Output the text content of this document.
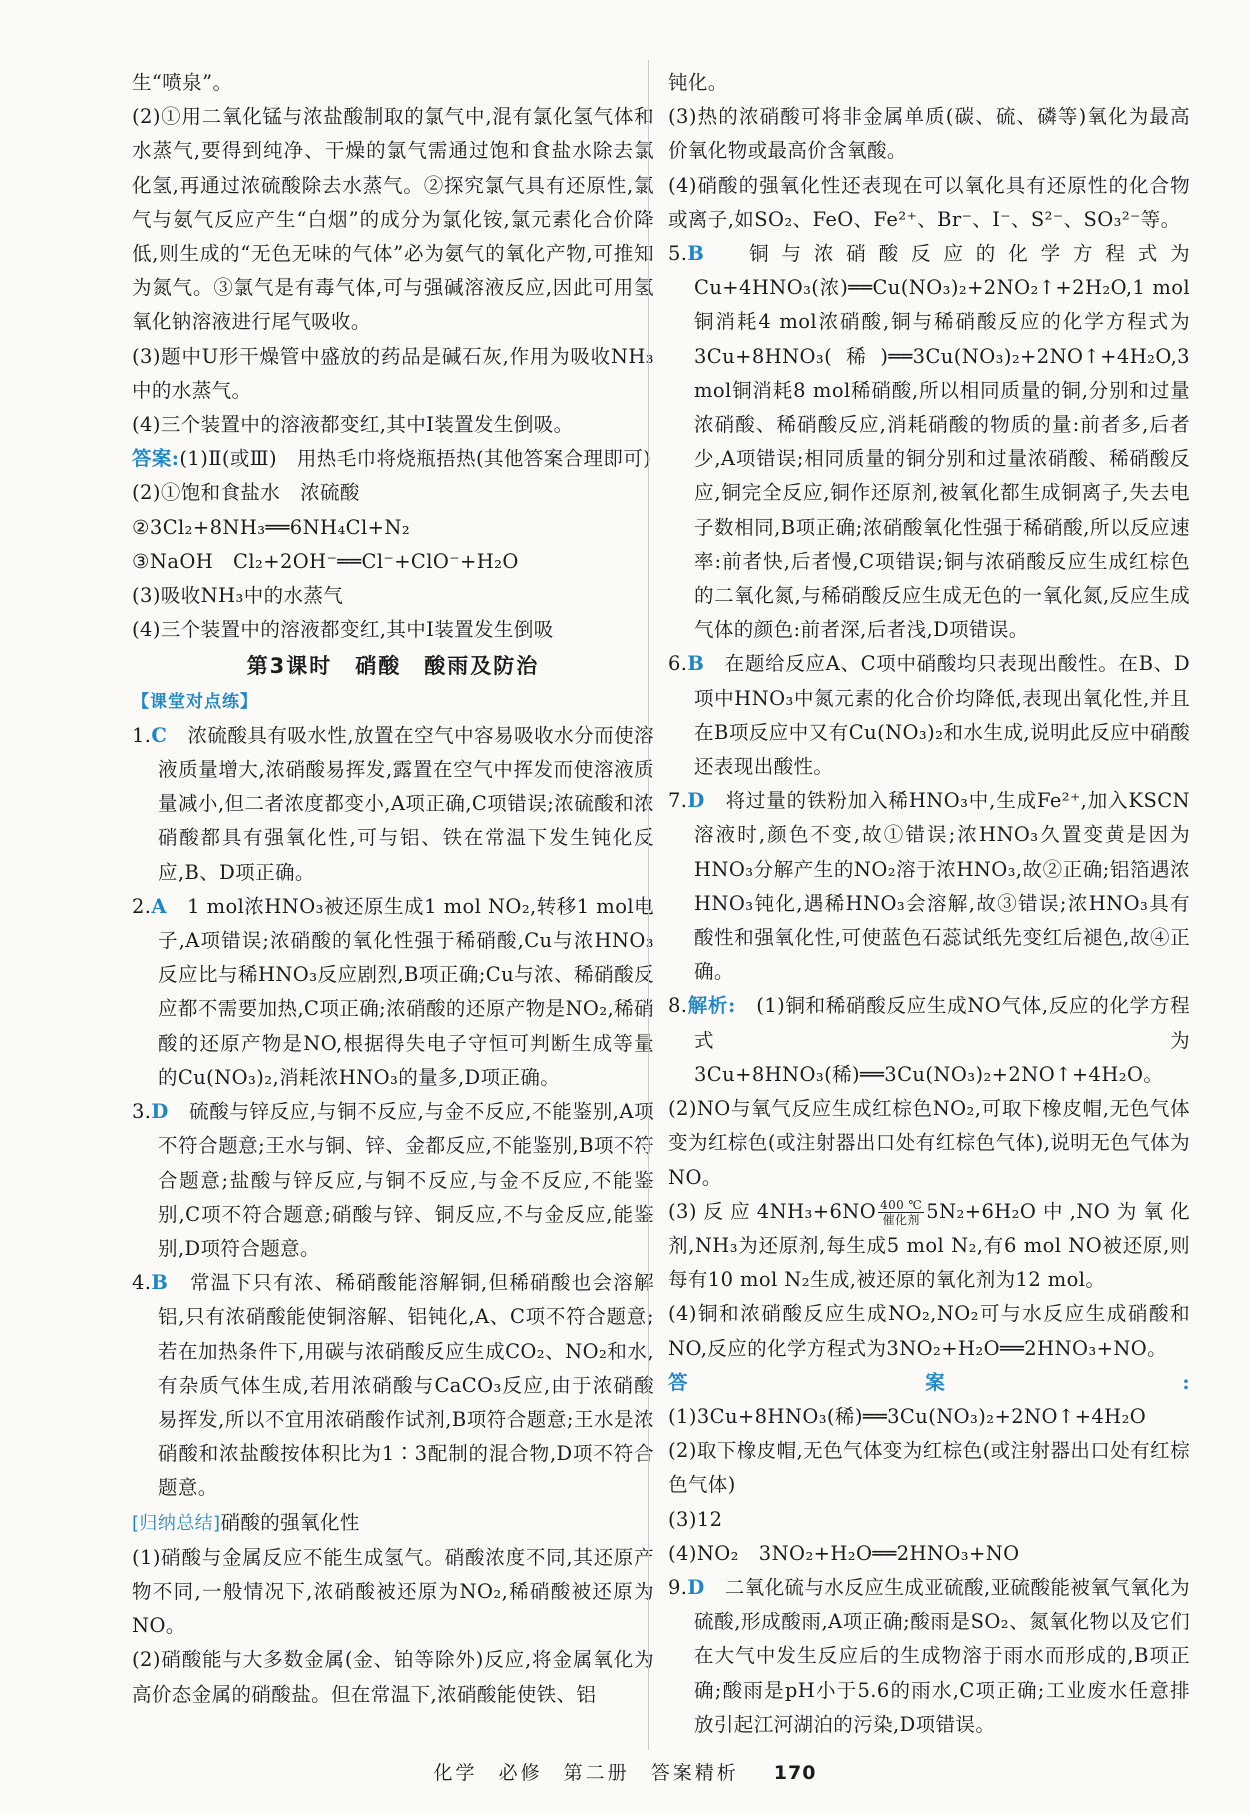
生“喷泉”。
(2)①用二氧化锰与浓盐酸制取的氯气中,混有氯化氢气体和水蒸气,要得到纯净、干燥的氯气需通过饱和食盐水除去氯化氢,再通过浓硫酸除去水蒸气。②探究氯气具有还原性,氯气与氨气反应产生“白烟”的成分为氯化铵,氯元素化合价降低,则生成的“无色无味的气体”必为氨气的氧化产物,可推知为氮气。③氯气是有毒气体,可与强碱溶液反应,因此可用氢氧化钠溶液进行尾气吸收。
(3)题中U形干燥管中盛放的药品是碱石灰,作用为吸收NH₃中的水蒸气。
(4)三个装置中的溶液都变红,其中Ⅰ装置发生倒吸。
答案:(1)Ⅱ(或Ⅲ)　用热毛巾将烧瓶捂热(其他答案合理即可)
(2)①饱和食盐水　浓硫酸
②3Cl₂+8NH₃══6NH₄Cl+N₂
③NaOH　Cl₂+2OH⁻══Cl⁻+ClO⁻+H₂O
(3)吸收NH₃中的水蒸气
(4)三个装置中的溶液都变红,其中Ⅰ装置发生倒吸
第3课时　硝酸　酸雨及防治
【课堂对点练】
1.C　 浓硫酸具有吸水性,放置在空气中容易吸收水分而使溶液质量增大,浓硝酸易挥发,露置在空气中挥发而使溶液质量减小,但二者浓度都变小,A项正确,C项错误;浓硫酸和浓硝酸都具有强氧化性,可与铝、铁在常温下发生钝化反应,B、D项正确。
2.A　 1 mol浓HNO₃被还原生成1 mol NO₂,转移1 mol电子,A项错误;浓硝酸的氧化性强于稀硝酸,Cu与浓HNO₃反应比与稀HNO₃反应剧烈,B项正确;Cu与浓、稀硝酸反应都不需要加热,C项正确;浓硝酸的还原产物是NO₂,稀硝酸的还原产物是NO,根据得失电子守恒可判断生成等量的Cu(NO₃)₂,消耗浓HNO₃的量多,D项正确。
3.D　 硫酸与锌反应,与铜不反应,与金不反应,不能鉴别,A项不符合题意;王水与铜、锌、金都反应,不能鉴别,B项不符合题意;盐酸与锌反应,与铜不反应,与金不反应,不能鉴别,C项不符合题意;硝酸与锌、铜反应,不与金反应,能鉴别,D项符合题意。
4.B　 常温下只有浓、稀硝酸能溶解铜,但稀硝酸也会溶解铝,只有浓硝酸能使铜溶解、铝钝化,A、C项不符合题意;若在加热条件下,用碳与浓硝酸反应生成CO₂、NO₂和水,有杂质气体生成,若用浓硝酸与CaCO₃反应,由于浓硝酸易挥发,所以不宜用浓硝酸作试剂,B项符合题意;王水是浓硝酸和浓盐酸按体积比为1∶3配制的混合物,D项不符合题意。
[归纳总结]硝酸的强氧化性
(1)硝酸与金属反应不能生成氢气。硝酸浓度不同,其还原产物不同,一般情况下,浓硝酸被还原为NO₂,稀硝酸被还原为NO。
(2)硝酸能与大多数金属(金、铂等除外)反应,将金属氧化为高价态金属的硝酸盐。但在常温下,浓硝酸能使铁、铝
钝化。
(3)热的浓硝酸可将非金属单质(碳、硫、磷等)氧化为最高价氧化物或最高价含氧酸。
(4)硝酸的强氧化性还表现在可以氧化具有还原性的化合物或离子,如SO₂、FeO、Fe²⁺、Br⁻、I⁻、S²⁻、SO₃²⁻等。
5.B　 铜与浓硝酸反应的化学方程式为Cu+4HNO₃(浓)══Cu(NO₃)₂+2NO₂↑+2H₂O,1 mol铜消耗4 mol浓硝酸,铜与稀硝酸反应的化学方程式为3Cu+8HNO₃(稀)══3Cu(NO₃)₂+2NO↑+4H₂O,3 mol铜消耗8 mol稀硝酸,所以相同质量的铜,分别和过量浓硝酸、稀硝酸反应,消耗硝酸的物质的量:前者多,后者少,A项错误;相同质量的铜分别和过量浓硝酸、稀硝酸反应,铜完全反应,铜作还原剂,被氧化都生成铜离子,失去电子数相同,B项正确;浓硝酸氧化性强于稀硝酸,所以反应速率:前者快,后者慢,C项错误;铜与浓硝酸反应生成红棕色的二氧化氮,与稀硝酸反应生成无色的一氧化氮,反应生成气体的颜色:前者深,后者浅,D项错误。
6.B　 在题给反应A、C项中硝酸均只表现出酸性。在B、D项中HNO₃中氮元素的化合价均降低,表现出氧化性,并且在B项反应中又有Cu(NO₃)₂和水生成,说明此反应中硝酸还表现出酸性。
7.D　 将过量的铁粉加入稀HNO₃中,生成Fe²⁺,加入KSCN溶液时,颜色不变,故①错误;浓HNO₃久置变黄是因为HNO₃分解产生的NO₂溶于浓HNO₃,故②正确;铝箔遇浓HNO₃钝化,遇稀HNO₃会溶解,故③错误;浓HNO₃具有酸性和强氧化性,可使蓝色石蕊试纸先变红后褪色,故④正确。
8.解析:　 (1)铜和稀硝酸反应生成NO气体,反应的化学方程式为3Cu+8HNO₃(稀)══3Cu(NO₃)₂+2NO↑+4H₂O。
(2)NO与氧气反应生成红棕色NO₂,可取下橡皮帽,无色气体变为红棕色(或注射器出口处有红棕色气体),说明无色气体为NO。
(3)反应$4NH_3+6NO \frac{400 ℃}{\text{催化剂}} 5N_2+6H_2O$中,NO为氧化剂,NH₃为还原剂,每生成5 mol N₂,有6 mol NO被还原,则每有10 mol N₂生成,被还原的氧化剂为12 mol。
(4)铜和浓硝酸反应生成NO₂,NO₂可与水反应生成硝酸和NO,反应的化学方程式为3NO₂+H₂O══2HNO₃+NO。
答案:(1)3Cu+8HNO₃(稀)══3Cu(NO₃)₂+2NO↑+4H₂O
(2)取下橡皮帽,无色气体变为红棕色(或注射器出口处有红棕色气体)
(3)12
(4)NO₂　3NO₂+H₂O══2HNO₃+NO
9.D　 二氧化硫与水反应生成亚硫酸,亚硫酸能被氧气氧化为硫酸,形成酸雨,A项正确;酸雨是SO₂、氮氧化物以及它们在大气中发生反应后的生成物溶于雨水而形成的,B项正确;酸雨是pH小于5.6的雨水,C项正确;工业废水任意排放引起江河湖泊的污染,D项错误。
化学 必修 第二册 答案精析 170
